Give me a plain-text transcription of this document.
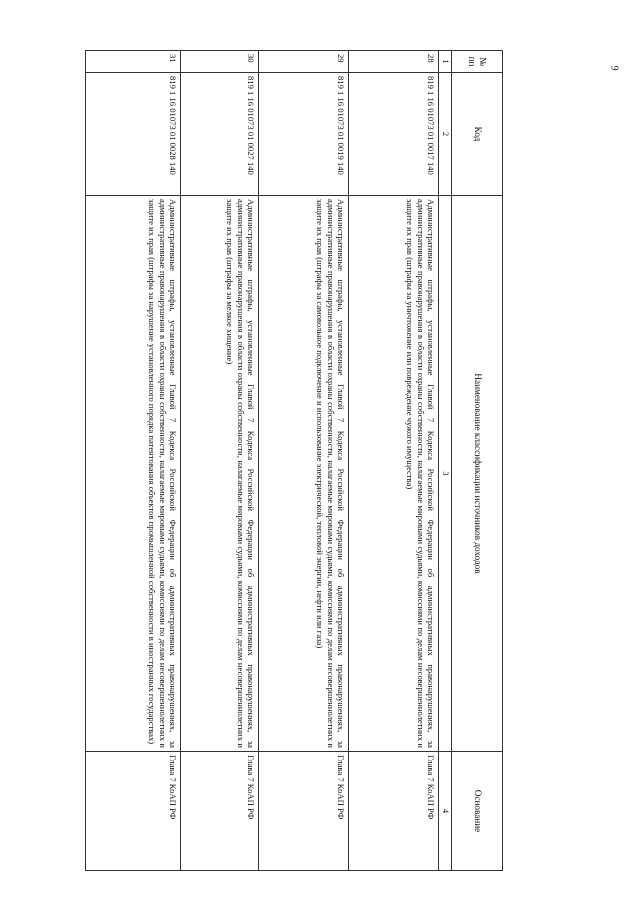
9
№ пп	Код	Наименование классификации источников доходов	Основание
1	2	3	4
28	819 1 16 01073 01 0017 140	Административные штрафы, установленные Главой 7 Кодекса Российской Федерации об административных правонарушениях, за административные правонарушения в области охраны собственности, налагаемые мировыми судьями, комиссиями по делам несовершеннолетних и защите их прав (штрафы за уничтожение или повреждение чужого имущества)	Глава 7 КоАП РФ
29	819 1 16 01073 01 0019 140	Административные штрафы, установленные Главой 7 Кодекса Российской Федерации об административных правонарушениях, за административные правонарушения в области охраны собственности, налагаемые мировыми судьями, комиссиями по делам несовершеннолетних и защите их прав (штрафы за самовольное подключение и использование электрической, тепловой энергии, нефти или газа)	Глава 7 КоАП РФ
30	819 1 16 01073 01 0027 140	Административные штрафы, установленные Главой 7 Кодекса Российской Федерации об административных правонарушениях, за административные правонарушения в области охраны собственности, налагаемые мировыми судьями, комиссиями по делам несовершеннолетних и защите их прав (штрафы за мелкое хищение)	Глава 7 КоАП РФ
31	819 1 16 01073 01 0028 140	Административные штрафы, установленные Главой 7 Кодекса Российской Федерации об административных правонарушениях, за административные правонарушения в области охраны собственности, налагаемые мировыми судьями, комиссиями по делам несовершеннолетних и защите их прав (штрафы за нарушение установленного порядка патентования объектов промышленной собственности в иностранных государствах)	Глава 7 КоАП РФ
